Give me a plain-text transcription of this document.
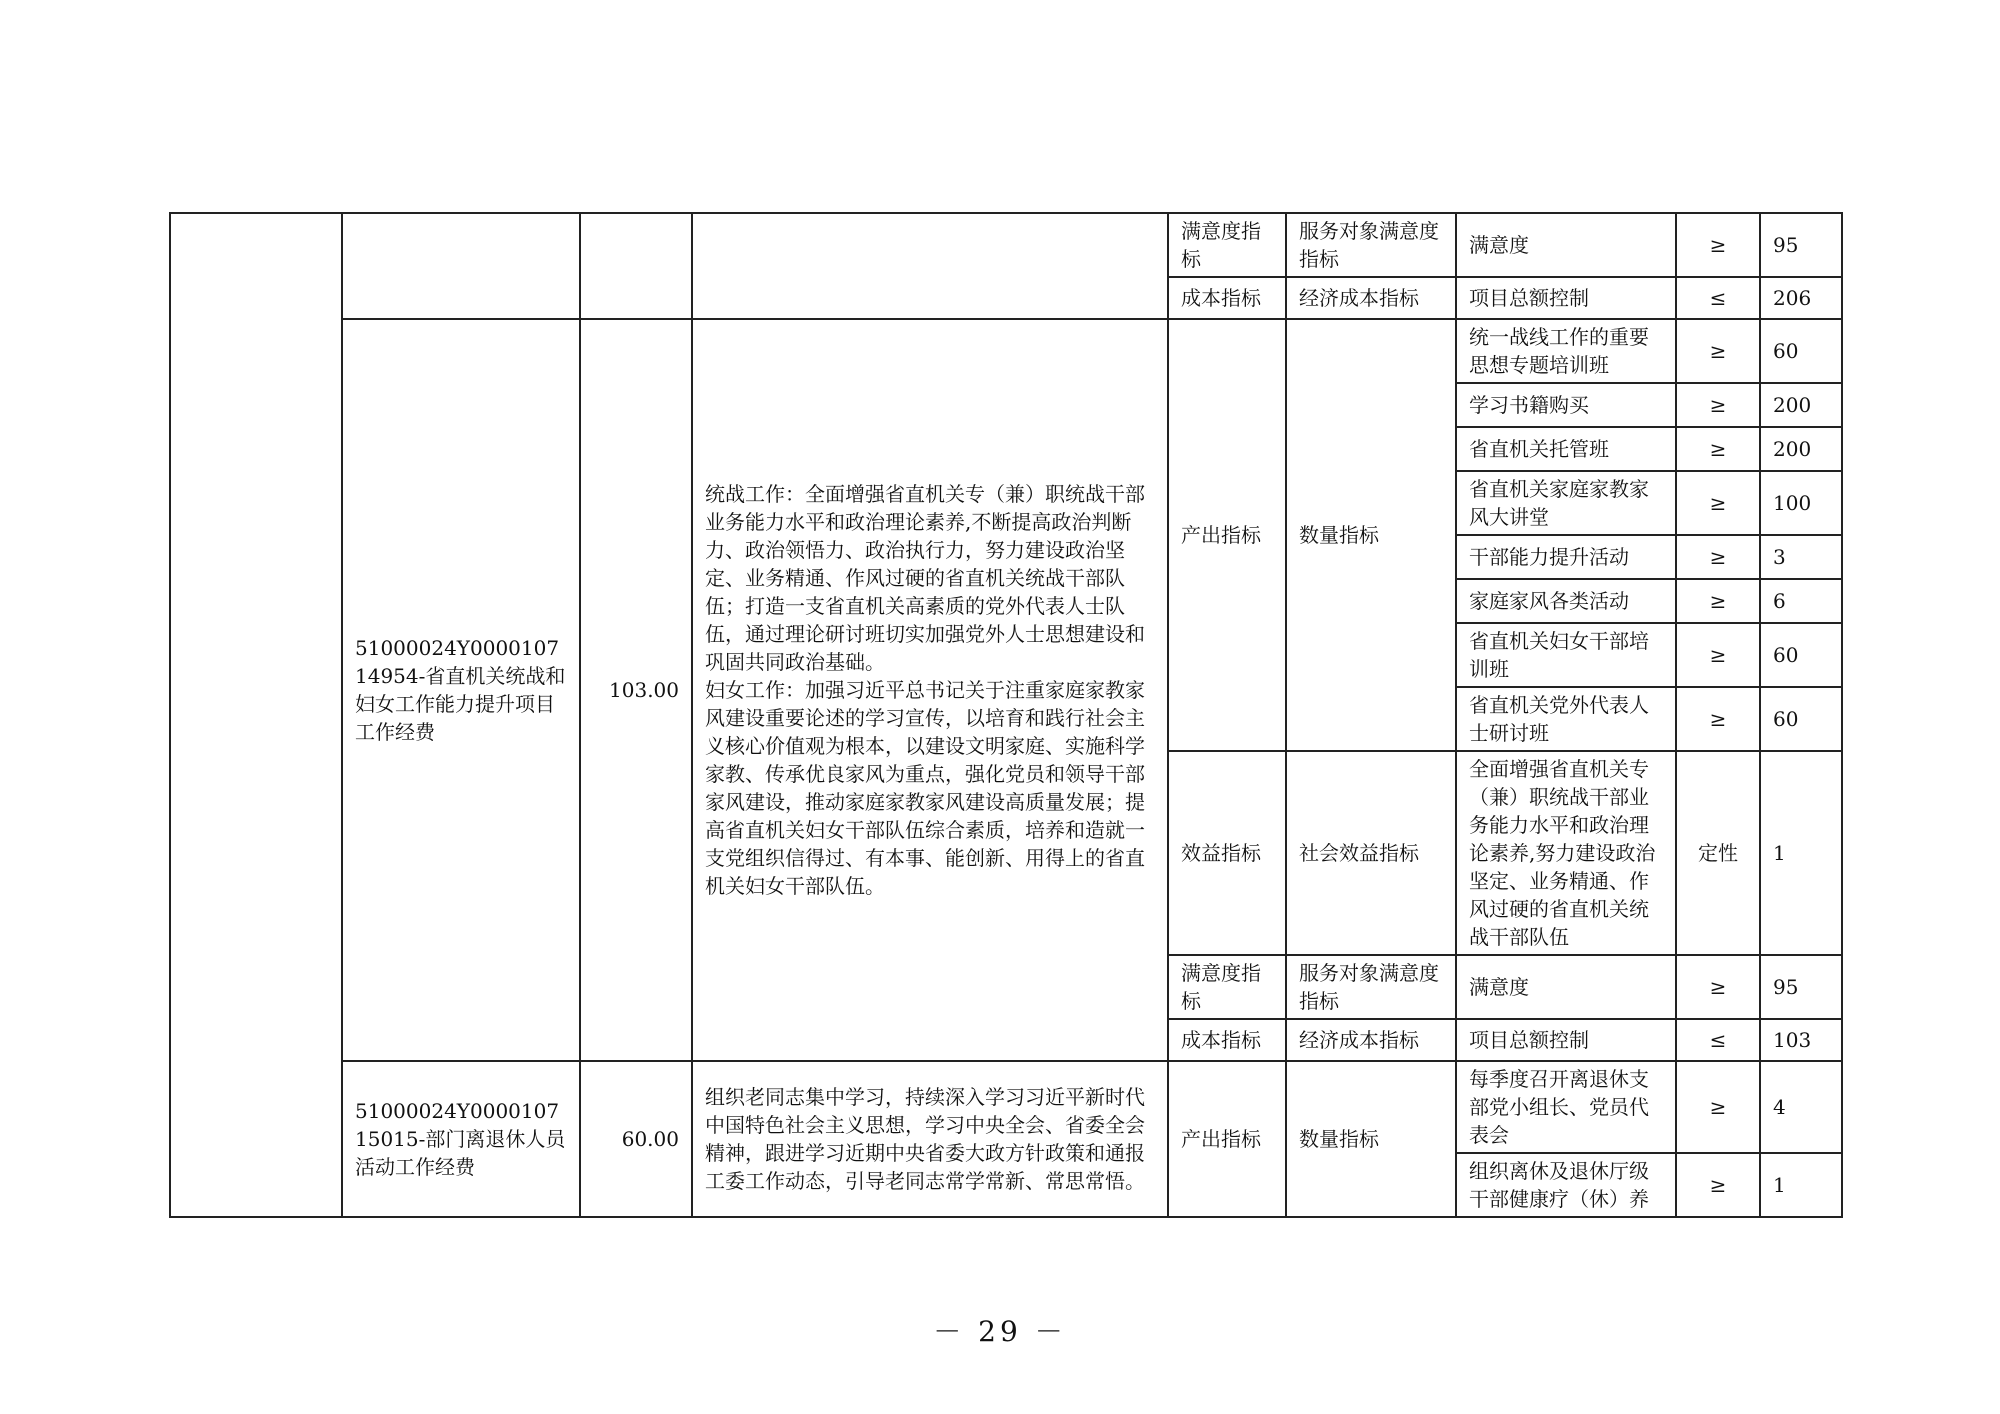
				满意度指标	服务对象满意度指标	满意度	≥	95
				成本指标	经济成本指标	项目总额控制	≤	206
	51000024Y000010714954-省直机关统战和妇女工作能力提升项目工作经费	103.00	统战工作：全面增强省直机关专（兼）职统战干部业务能力水平和政治理论素养,不断提高政治判断力、政治领悟力、政治执行力，努力建设政治坚定、业务精通、作风过硬的省直机关统战干部队伍；打造一支省直机关高素质的党外代表人士队伍，通过理论研讨班切实加强党外人士思想建设和巩固共同政治基础。
妇女工作：加强习近平总书记关于注重家庭家教家风建设重要论述的学习宣传，以培育和践行社会主义核心价值观为根本，以建设文明家庭、实施科学家教、传承优良家风为重点，强化党员和领导干部家风建设，推动家庭家教家风建设高质量发展；提高省直机关妇女干部队伍综合素质，培养和造就一支党组织信得过、有本事、能创新、用得上的省直机关妇女干部队伍。	产出指标	数量指标	统一战线工作的重要思想专题培训班	≥	60
						学习书籍购买	≥	200
						省直机关托管班	≥	200
						省直机关家庭家教家风大讲堂	≥	100
						干部能力提升活动	≥	3
						家庭家风各类活动	≥	6
						省直机关妇女干部培训班	≥	60
						省直机关党外代表人士研讨班	≥	60
				效益指标	社会效益指标	全面增强省直机关专（兼）职统战干部业务能力水平和政治理论素养,努力建设政治坚定、业务精通、作风过硬的省直机关统战干部队伍	定性	1
				满意度指标	服务对象满意度指标	满意度	≥	95
				成本指标	经济成本指标	项目总额控制	≤	103
	51000024Y000010715015-部门离退休人员活动工作经费	60.00	组织老同志集中学习，持续深入学习习近平新时代中国特色社会主义思想，学习中央全会、省委全会精神，跟进学习近期中央省委大政方针政策和通报工委工作动态，引导老同志常学常新、常思常悟。	产出指标	数量指标	每季度召开离退休支部党小组长、党员代表会	≥	4
						组织离休及退休厅级干部健康疗（休）养	≥	1
－ 29 －
